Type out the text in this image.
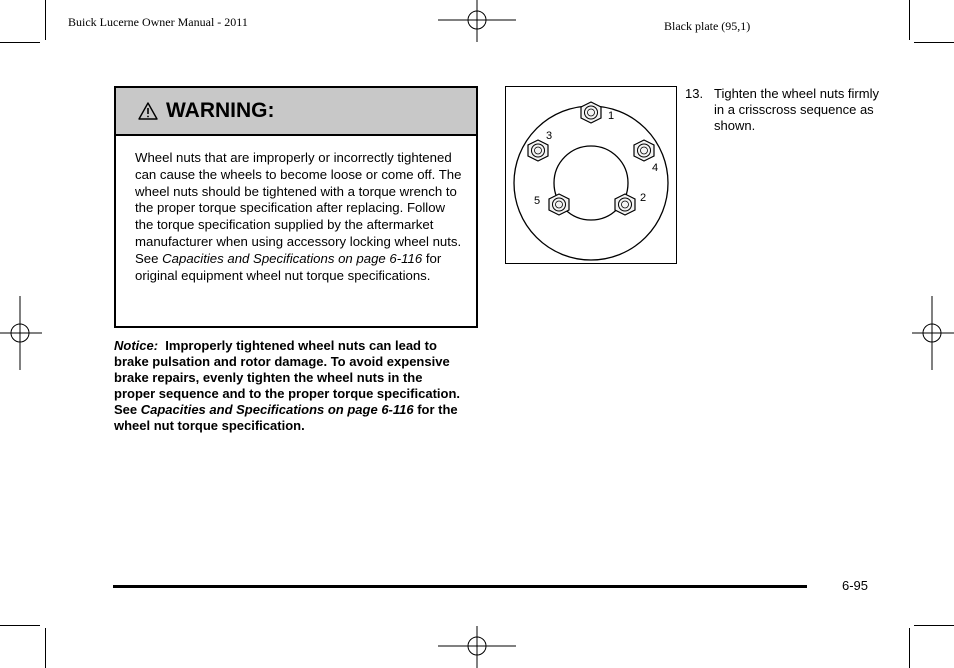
Buick Lucerne Owner Manual - 2011	Black plate (95,1)
WARNING:
Wheel nuts that are improperly or incorrectly tightened can cause the wheels to become loose or come off. The wheel nuts should be tightened with a torque wrench to the proper torque specification after replacing. Follow the torque specification supplied by the aftermarket manufacturer when using accessory locking wheel nuts. See Capacities and Specifications on page 6-116 for original equipment wheel nut torque specifications.
Notice:  Improperly tightened wheel nuts can lead to brake pulsation and rotor damage. To avoid expensive brake repairs, evenly tighten the wheel nuts in the proper sequence and to the proper torque specification. See Capacities and Specifications on page 6-116 for the wheel nut torque specification.
1
2
3
4
5
13. Tighten the wheel nuts firmly in a crisscross sequence as shown.
6-95
